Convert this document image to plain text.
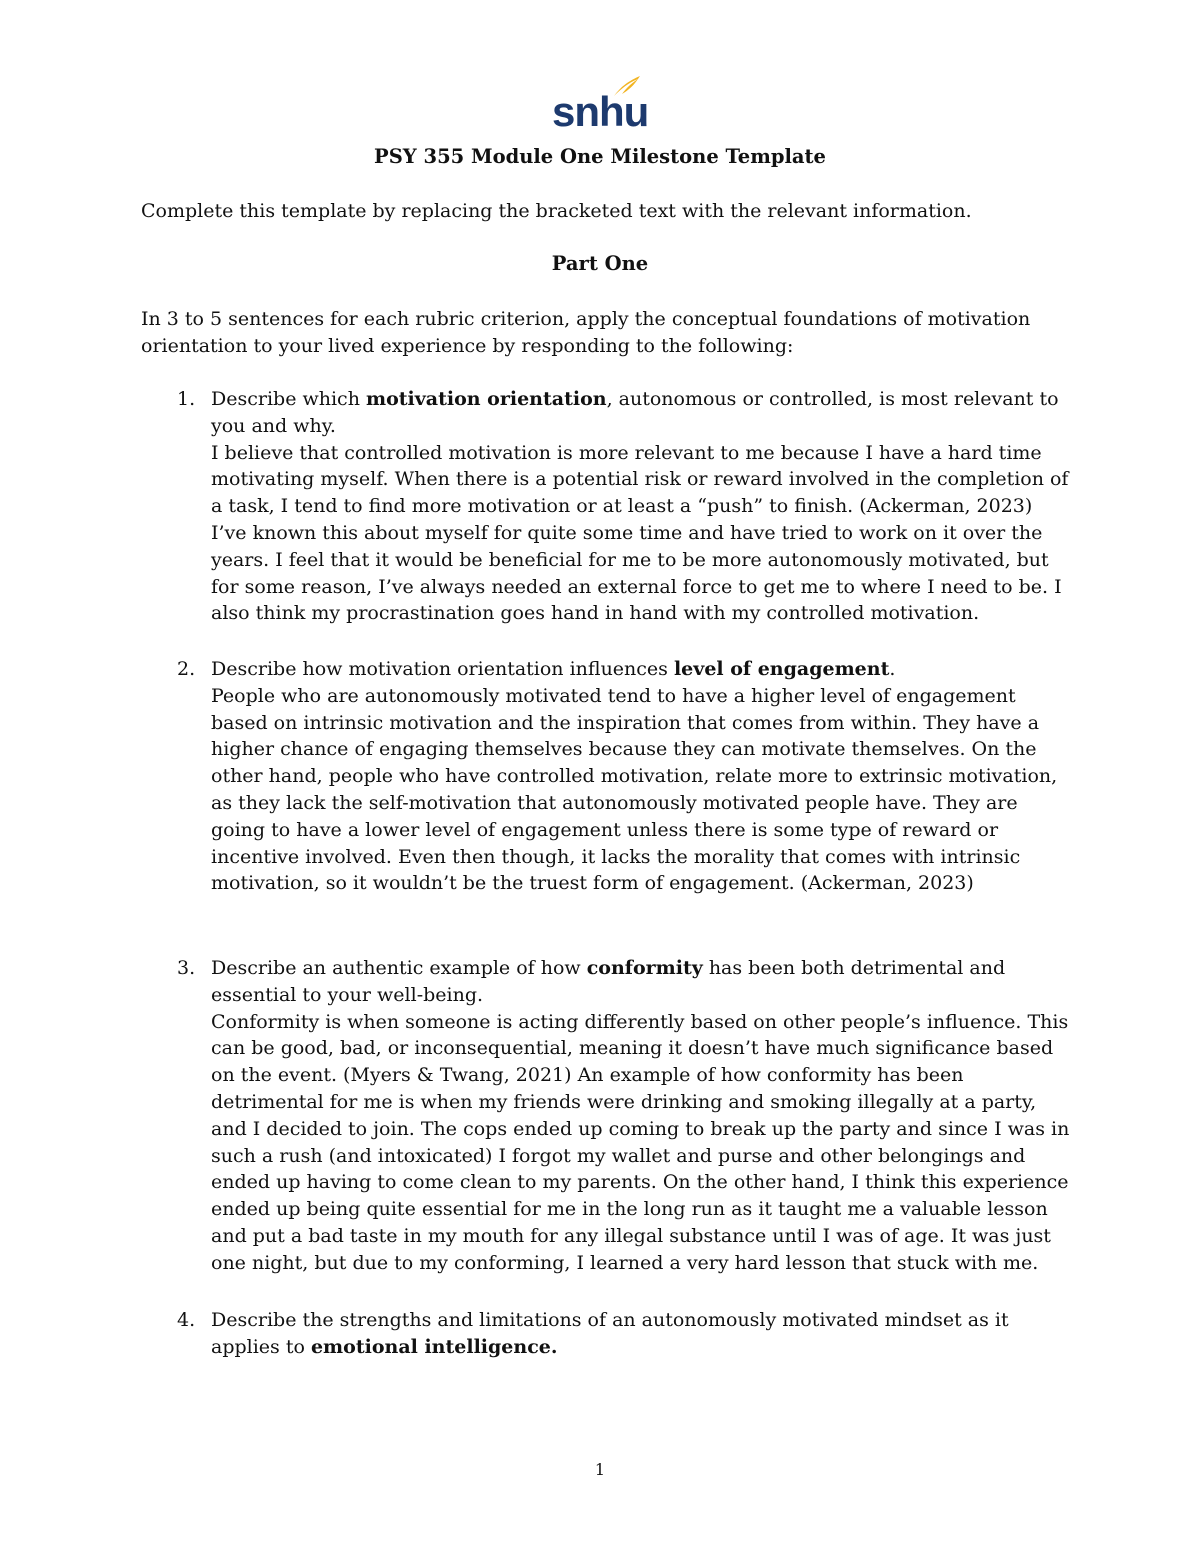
snhu
PSY 355 Module One Milestone Template
Complete this template by replacing the bracketed text with the relevant information.
Part One
In 3 to 5 sentences for each rubric criterion, apply the conceptual foundations of motivation orientation to your lived experience by responding to the following:
1. Describe which motivation orientation, autonomous or controlled, is most relevant to you and why.
I believe that controlled motivation is more relevant to me because I have a hard time motivating myself. When there is a potential risk or reward involved in the completion of a task, I tend to find more motivation or at least a “push” to finish. (Ackerman, 2023) I’ve known this about myself for quite some time and have tried to work on it over the years. I feel that it would be beneficial for me to be more autonomously motivated, but for some reason, I’ve always needed an external force to get me to where I need to be. I also think my procrastination goes hand in hand with my controlled motivation.
2. Describe how motivation orientation influences level of engagement.
People who are autonomously motivated tend to have a higher level of engagement based on intrinsic motivation and the inspiration that comes from within. They have a higher chance of engaging themselves because they can motivate themselves. On the other hand, people who have controlled motivation, relate more to extrinsic motivation, as they lack the self-motivation that autonomously motivated people have. They are going to have a lower level of engagement unless there is some type of reward or incentive involved. Even then though, it lacks the morality that comes with intrinsic motivation, so it wouldn’t be the truest form of engagement. (Ackerman, 2023)
3. Describe an authentic example of how conformity has been both detrimental and essential to your well-being.
Conformity is when someone is acting differently based on other people’s influence. This can be good, bad, or inconsequential, meaning it doesn’t have much significance based on the event. (Myers & Twang, 2021) An example of how conformity has been detrimental for me is when my friends were drinking and smoking illegally at a party, and I decided to join. The cops ended up coming to break up the party and since I was in such a rush (and intoxicated) I forgot my wallet and purse and other belongings and ended up having to come clean to my parents. On the other hand, I think this experience ended up being quite essential for me in the long run as it taught me a valuable lesson and put a bad taste in my mouth for any illegal substance until I was of age. It was just one night, but due to my conforming, I learned a very hard lesson that stuck with me.
4. Describe the strengths and limitations of an autonomously motivated mindset as it applies to emotional intelligence.
1
